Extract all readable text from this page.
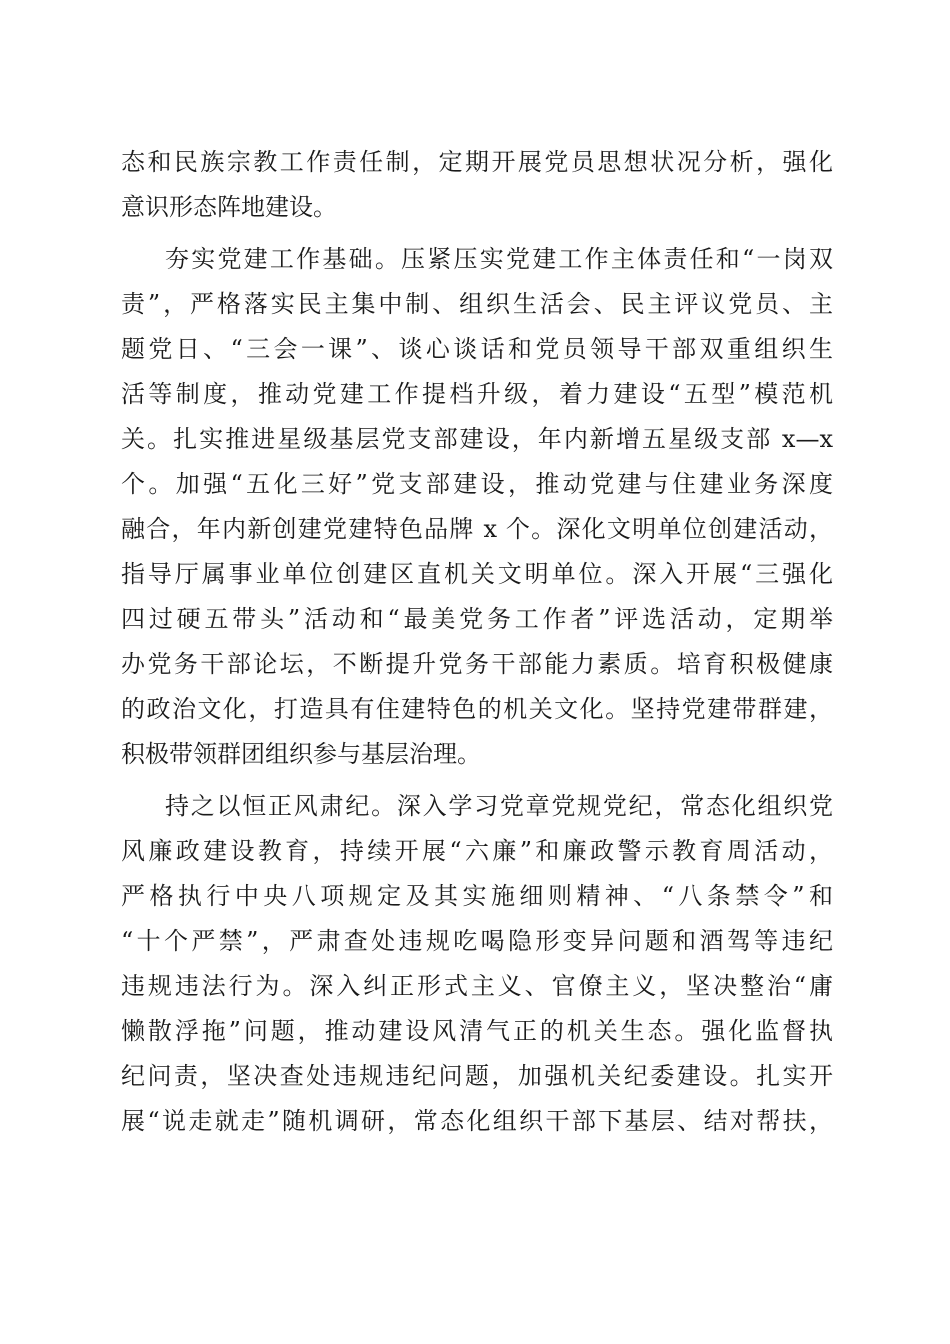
态和民族宗教工作责任制，定期开展党员思想状况分析，强化
意识形态阵地建设。
夯实党建工作基础。压紧压实党建工作主体责任和“一岗双
责”，严格落实民主集中制、组织生活会、民主评议党员、主
题党日、“三会一课”、谈心谈话和党员领导干部双重组织生
活等制度，推动党建工作提档升级，着力建设“五型”模范机
关。扎实推进星级基层党支部建设，年内新增五星级支部 x—x
个。加强“五化三好”党支部建设，推动党建与住建业务深度
融合，年内新创建党建特色品牌 x 个。深化文明单位创建活动，
指导厅属事业单位创建区直机关文明单位。深入开展“三强化
四过硬五带头”活动和“最美党务工作者”评选活动，定期举
办党务干部论坛，不断提升党务干部能力素质。培育积极健康
的政治文化，打造具有住建特色的机关文化。坚持党建带群建，
积极带领群团组织参与基层治理。
持之以恒正风肃纪。深入学习党章党规党纪，常态化组织党
风廉政建设教育，持续开展“六廉”和廉政警示教育周活动，
严格执行中央八项规定及其实施细则精神、“八条禁令”和
“十个严禁”，严肃查处违规吃喝隐形变异问题和酒驾等违纪
违规违法行为。深入纠正形式主义、官僚主义，坚决整治“庸
懒散浮拖”问题，推动建设风清气正的机关生态。强化监督执
纪问责，坚决查处违规违纪问题，加强机关纪委建设。扎实开
展“说走就走”随机调研，常态化组织干部下基层、结对帮扶，
